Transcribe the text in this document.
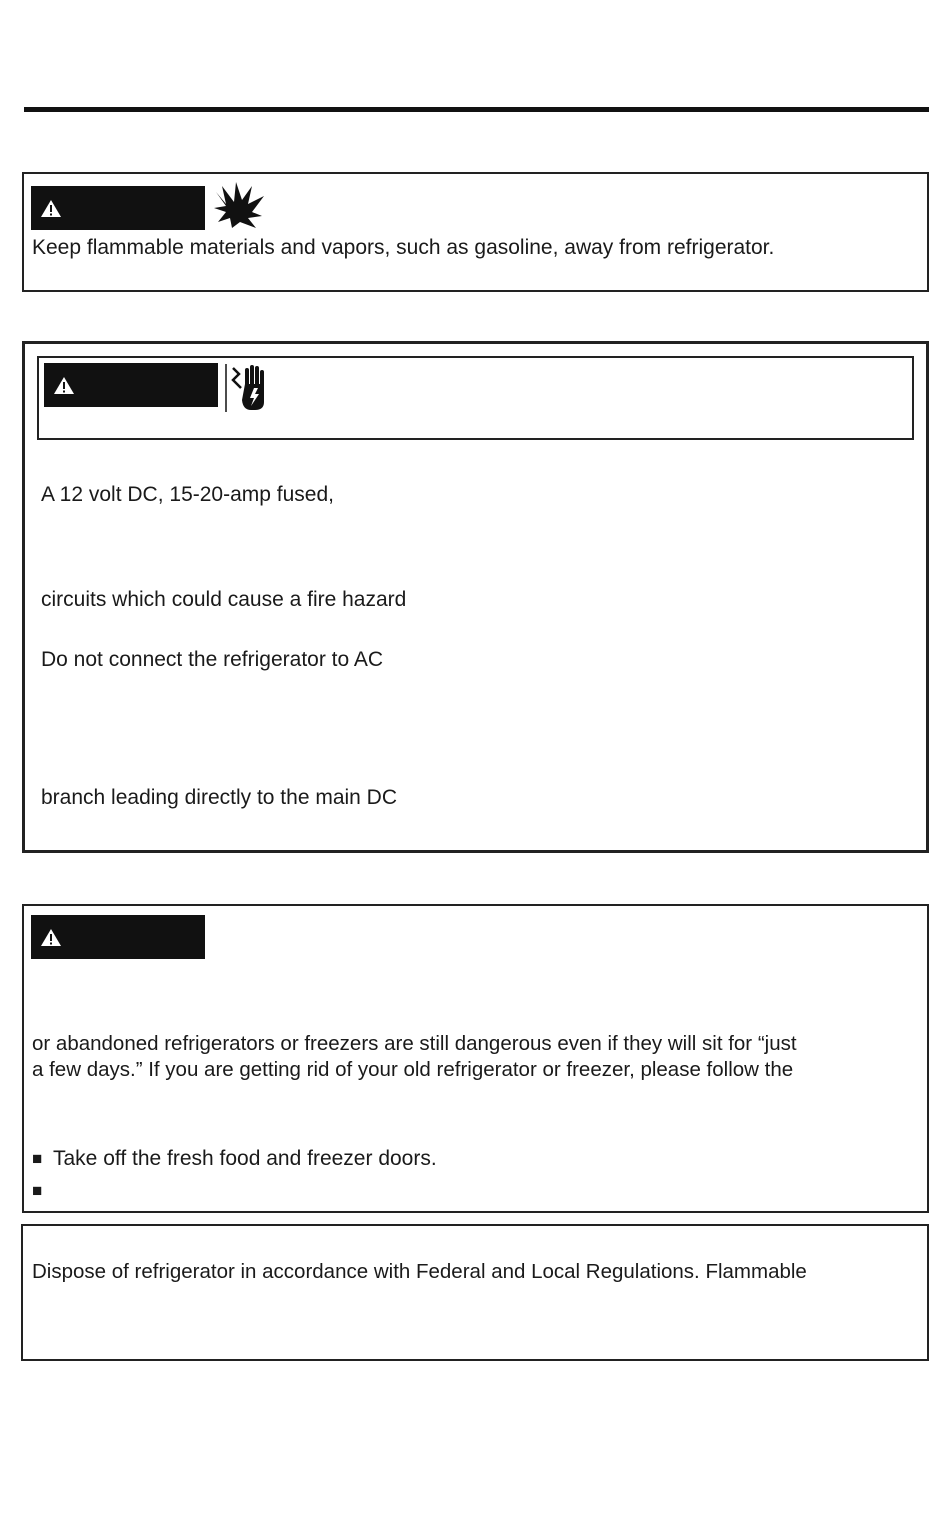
Keep flammable materials and vapors, such as gasoline, away from refrigerator.

A 12 volt DC, 15-20-amp fused,

circuits which could cause a fire hazard

Do not connect the refrigerator to AC

branch leading directly to the main DC

or abandoned refrigerators or freezers are still dangerous even if they will sit for “just

a few days.” If you are getting rid of your old refrigerator or freezer, please follow the

■ Take off the fresh food and freezer doors.
■

Dispose of refrigerator in accordance with Federal and Local Regulations. Flammable
